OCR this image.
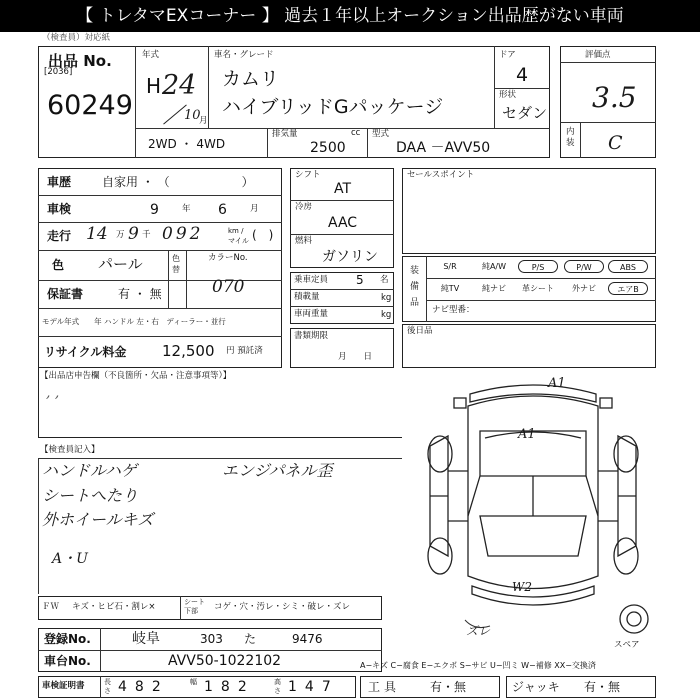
【 トレタマEXコーナー 】 過去１年以上オークション出品歴がない車両
（検査員）対応紙
出品 No.
[2036]
60249
年式
H 24
10
月
車名・グレード
カムリ
ハイブリッドGパッケージ
ドア
4
形状
セダン
2WD ・ 4WD
排気量	cc
2500
型式
DAA －AVV50
評価点
3.5
内装 C
車歴	自家用 ・ （　　　　　　）
車検	9	年 6	月
走行 14 万 9 千 092	km / マイル (　)
色 パール	色替
カラーNo.
070
保証書	有 ・ 無
モデル年式　　年 ハンドル 左・右　ディーラー・並行
リサイクル料金 12,500 円 預託済
シフト
AT
冷房
AAC
燃料
ガソリン
乗車定員 5 名
積載量	kg
車両重量	kg
書類期限
月　　日
セールスポイント
装備品
S/R	純A/W	P/S	P/W	ABS
純TV	純ナビ	革シート	外ナビ	エアB
ナビ型番：
後日品
【出品店申告欄（不良箇所・欠品・注意事項等）】
, ,
【検査員記入】
ハンドルハゲ
シートへたり
外ホイールキズ
A・U
エンジパネル歪
A1
A1
W2
ズレ
スペア
ＦＷ キズ・ヒビ石・割レ×	シート 下部	コゲ・穴・汚レ・シミ・破レ・ズレ
登録No.	岐阜	303 た	9476
車台No.	AVV50-1022102
車検証明書	長さ 482	幅 182	高さ 147
A−キズ C−腐食 E−エクボ S−サビ U−凹ミ W−補修 XX−交換済
工具 有・無	ジャッキ 有・無
